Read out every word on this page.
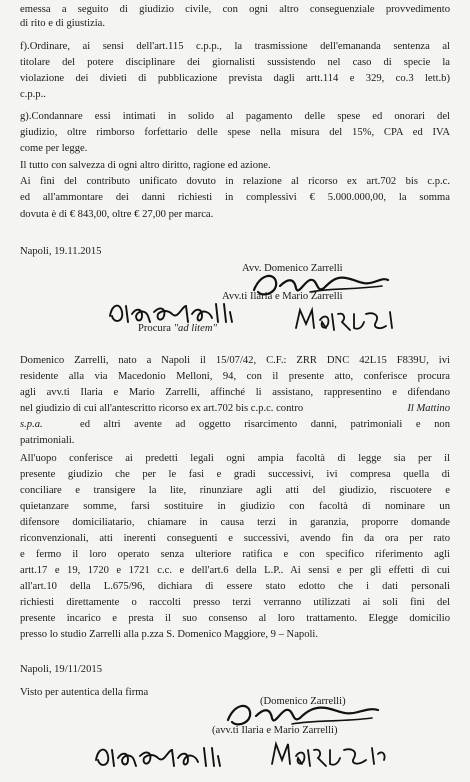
emessa a seguito di giudizio civile, con ogni altro conseguenziale provvedimento
di rito e di giustizia.
f).Ordinare, ai sensi dell'art.115 c.p.p., la trasmissione dell'emananda sentenza al
titolare del potere disciplinare dei giornalisti sussistendo nel caso di specie la
violazione dei divieti di pubblicazione prevista dagli artt.114 e 329, co.3 lett.b)
c.p.p..
g).Condannare essi intimati in solido al pagamento delle spese ed onorari del
giudizio, oltre rimborso forfettario delle spese nella misura del 15%, CPA ed IVA
come per legge.
Il tutto con salvezza di ogni altro diritto, ragione ed azione.
Ai fini del contributo unificato dovuto in relazione al ricorso ex art.702 bis c.p.c.
ed all'ammontare dei danni richiesti in complessivi € 5.000.000,00, la somma
dovuta è di € 843,00, oltre € 27,00 per marca.
Napoli, 19.11.2015
Avv. Domenico Zarrelli
Avv.ti Ilaria e Mario Zarrelli
Procura "ad litem"
Domenico Zarrelli, nato a Napoli il 15/07/42, C.F.: ZRR DNC 42L15 F839U, ivi
residente alla via Macedonio Melloni, 94, con il presente atto, conferisce procura
agli avv.ti Ilaria e Mario Zarrelli, affinché li assistano, rappresentino e difendano
nel giudizio di cui all'antescritto ricorso ex art.702 bis c.p.c. contro	Il Mattino
s.p.a.	ed altri avente ad oggetto risarcimento danni, patrimoniali e non
patrimoniali.
All'uopo conferisce ai predetti legali ogni ampia facoltà di legge sia per il
presente giudizio che per le fasi e gradi successivi, ivi compresa quella di
conciliare e transigere la lite, rinunziare agli atti del giudizio, riscuotere e
quietanzare somme, farsi sostituire in giudizio con facoltà di nominare un
difensore domiciliatario, chiamare in causa terzi in garanzia, proporre domande
riconvenzionali, atti inerenti conseguenti e successivi, avendo fin da ora per rato
e fermo il loro operato senza ulteriore ratifica e con specifico riferimento agli
artt.17 e 19, 1720 e 1721 c.c. e dell'art.6 della L.P.. Ai sensi e per gli effetti di cui
all'art.10 della L.675/96, dichiara di essere stato edotto che i dati personali
richiesti direttamente o raccolti presso terzi verranno utilizzati ai soli fini del
presente incarico e presta il suo consenso al loro trattamento. Elegge domicilio
presso lo studio Zarrelli alla p.zza S. Domenico Maggiore, 9 – Napoli.
Napoli, 19/11/2015
Visto per autentica della firma
(Domenico Zarrelli)
(avv.ti Ilaria e Mario Zarrelli)
